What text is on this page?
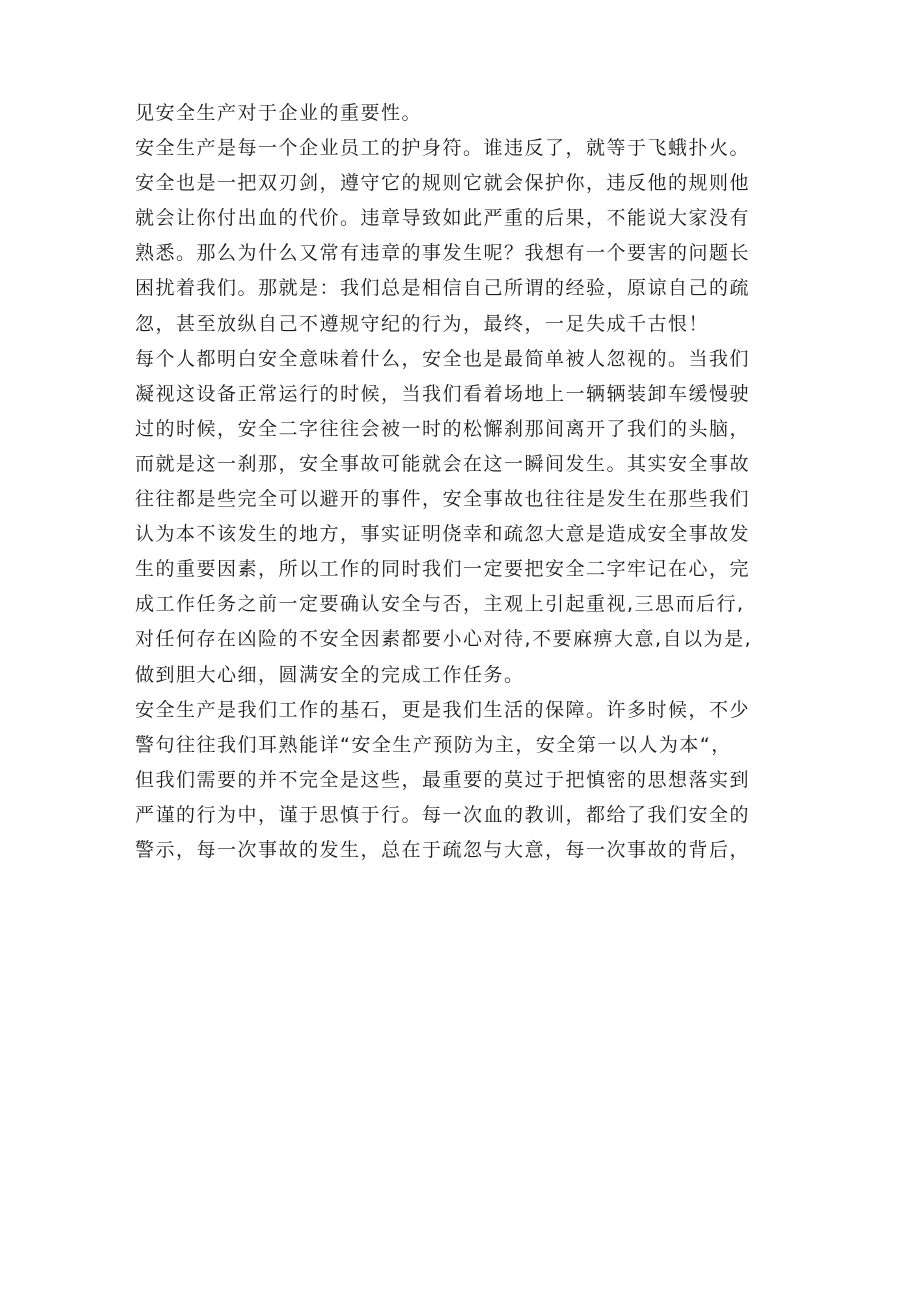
见安全生产对于企业的重要性。
安全生产是每一个企业员工的护身符。谁违反了，就等于飞蛾扑火。
安全也是一把双刃剑，遵守它的规则它就会保护你，违反他的规则他
就会让你付出血的代价。违章导致如此严重的后果，不能说大家没有
熟悉。那么为什么又常有违章的事发生呢？我想有一个要害的问题长
困扰着我们。那就是：我们总是相信自己所谓的经验，原谅自己的疏
忽，甚至放纵自己不遵规守纪的行为，最终，一足失成千古恨！
每个人都明白安全意味着什么，安全也是最简单被人忽视的。当我们
凝视这设备正常运行的时候，当我们看着场地上一辆辆装卸车缓慢驶
过的时候，安全二字往往会被一时的松懈刹那间离开了我们的头脑，
而就是这一刹那，安全事故可能就会在这一瞬间发生。其实安全事故
往往都是些完全可以避开的事件，安全事故也往往是发生在那些我们
认为本不该发生的地方，事实证明侥幸和疏忽大意是造成安全事故发
生的重要因素，所以工作的同时我们一定要把安全二字牢记在心，完
成工作任务之前一定要确认安全与否，主观上引起重视,三思而后行,
对任何存在凶险的不安全因素都要小心对待,不要麻痹大意,自以为是,
做到胆大心细，圆满安全的完成工作任务。
安全生产是我们工作的基石，更是我们生活的保障。许多时候，不少
警句往往我们耳熟能详“安全生产预防为主，安全第一以人为本“，
但我们需要的并不完全是这些，最重要的莫过于把慎密的思想落实到
严谨的行为中，谨于思慎于行。每一次血的教训，都给了我们安全的
警示，每一次事故的发生，总在于疏忽与大意，每一次事故的背后，
